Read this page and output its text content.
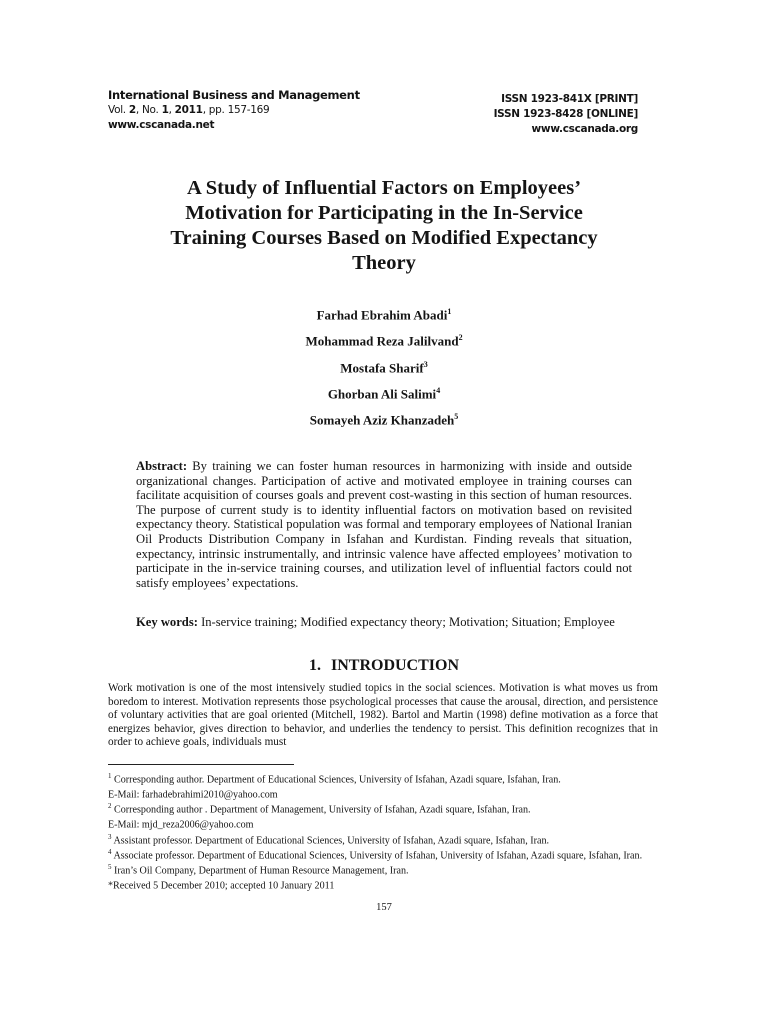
International Business and Management
Vol. 2, No. 1, 2011, pp. 157-169
www.cscanada.net
ISSN 1923-841X [PRINT]
ISSN 1923-8428 [ONLINE]
www.cscanada.org
A Study of Influential Factors on Employees’
Motivation for Participating in the In-Service
Training Courses Based on Modified Expectancy
Theory
Farhad Ebrahim Abadi$^1$
Mohammad Reza Jalilvand$^2$
Mostafa Sharif$^3$
Ghorban Ali Salimi$^4$
Somayeh Aziz Khanzadeh$^5$

Abstract: By training we can foster human resources in harmonizing with inside and outside organizational changes. Participation of active and motivated employee in training courses can facilitate acquisition of courses goals and prevent cost-wasting in this section of human resources. The purpose of current study is to identity influential factors on motivation based on revisited expectancy theory. Statistical population was formal and temporary employees of National Iranian Oil Products Distribution Company in Isfahan and Kurdistan. Finding reveals that situation, expectancy, intrinsic instrumentally, and intrinsic valence have affected employees’ motivation to participate in the in-service training courses, and utilization level of influential factors could not satisfy employees’ expectations.

Key words: In-service training; Modified expectancy theory; Motivation; Situation; Employee

1. INTRODUCTION

Work motivation is one of the most intensively studied topics in the social sciences. Motivation is what moves us from boredom to interest. Motivation represents those psychological processes that cause the arousal, direction, and persistence of voluntary activities that are goal oriented (Mitchell, 1982). Bartol and Martin (1998) define motivation as a force that energizes behavior, gives direction to behavior, and underlies the tendency to persist. This definition recognizes that in order to achieve goals, individuals must

$^1$ Corresponding author. Department of Educational Sciences, University of Isfahan, Azadi square, Isfahan, Iran.
E-Mail: farhadebrahimi2010@yahoo.com
$^2$ Corresponding author . Department of Management, University of Isfahan, Azadi square, Isfahan, Iran.
E-Mail: mjd_reza2006@yahoo.com
$^3$ Assistant professor. Department of Educational Sciences, University of Isfahan, Azadi square, Isfahan, Iran.
$^4$ Associate professor. Department of Educational Sciences, University of Isfahan, University of Isfahan, Azadi square, Isfahan, Iran.
$^5$ Iran’s Oil Company, Department of Human Resource Management, Iran.
*Received 5 December 2010; accepted 10 January 2011
157
